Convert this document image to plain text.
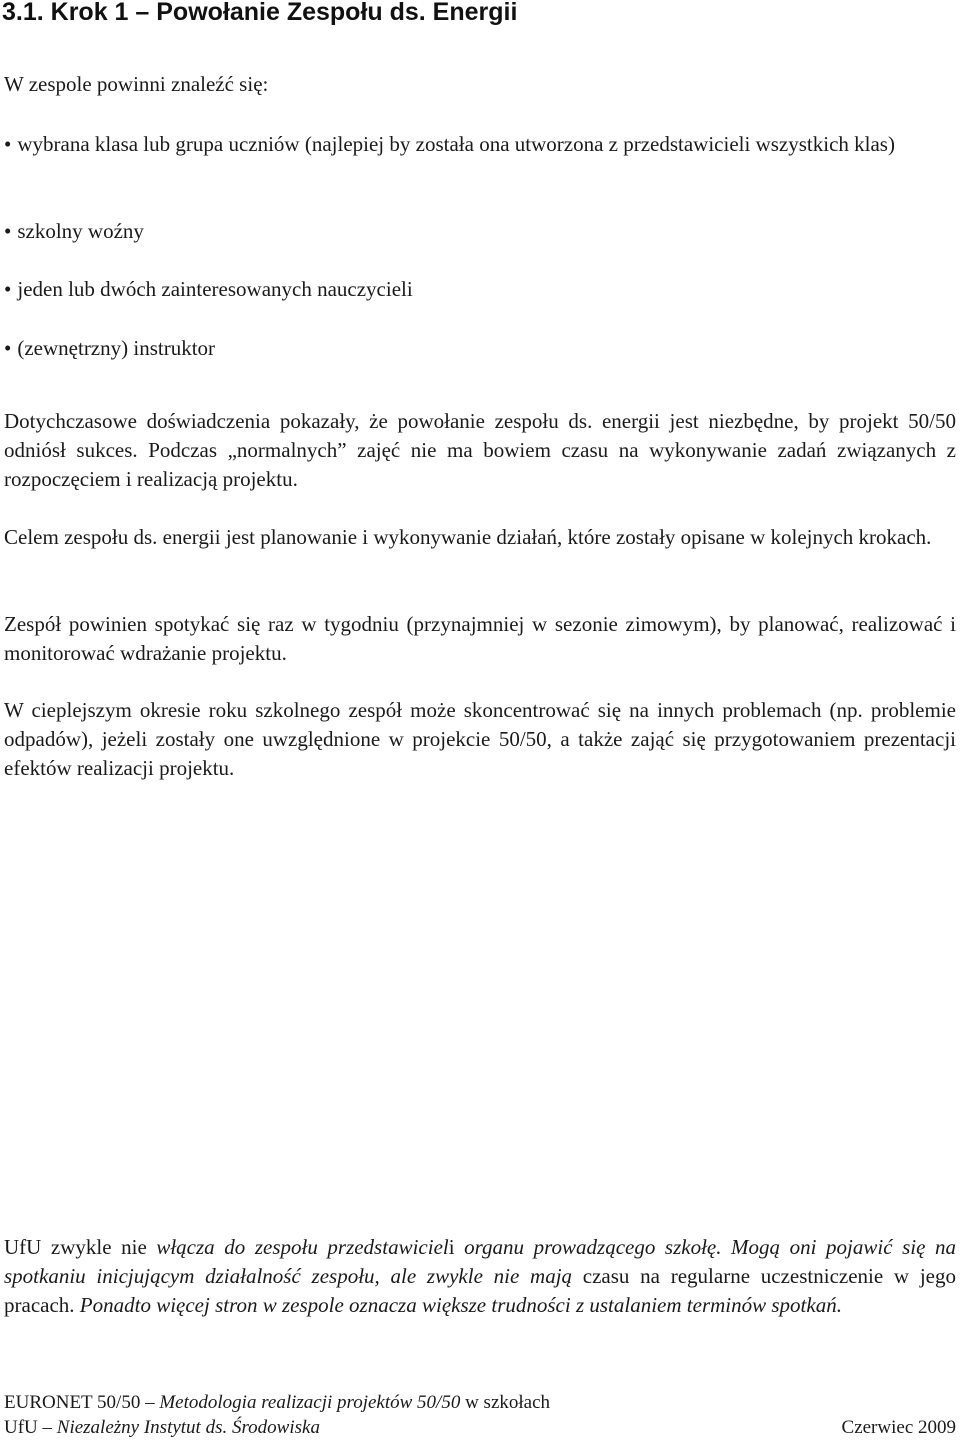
3.1. Krok 1 – Powołanie Zespołu ds. Energii

W zespole powinni znaleźć się:

• wybrana klasa lub grupa uczniów (najlepiej by została ona utworzona z przedstawicieli wszystkich klas)

• szkolny woźny

• jeden lub dwóch zainteresowanych nauczycieli

• (zewnętrzny) instruktor

Dotychczasowe doświadczenia pokazały, że powołanie zespołu ds. energii jest niezbędne, by projekt 50/50 odniósł sukces. Podczas „normalnych” zajęć nie ma bowiem czasu na wykonywanie zadań związanych z rozpoczęciem i realizacją projektu.

Celem zespołu ds. energii jest planowanie i wykonywanie działań, które zostały opisane w kolejnych krokach.

Zespół powinien spotykać się raz w tygodniu (przynajmniej w sezonie zimowym), by planować, realizować i monitorować wdrażanie projektu.

W cieplejszym okresie roku szkolnego zespół może skoncentrować się na innych problemach (np. problemie odpadów), jeżeli zostały one uwzględnione w projekcie 50/50, a także zająć się przygotowaniem prezentacji efektów realizacji projektu.

UfU zwykle nie włącza do zespołu przedstawicieli organu prowadzącego szkołę. Mogą oni pojawić się na spotkaniu inicjującym działalność zespołu, ale zwykle nie mają czasu na regularne uczestniczenie w jego pracach. Ponadto więcej stron w zespole oznacza większe trudności z ustalaniem terminów spotkań.

EURONET 50/50 – Metodologia realizacji projektów 50/50 w szkołach
UfU – Niezależny Instytut ds. Środowiska	Czerwiec 2009
